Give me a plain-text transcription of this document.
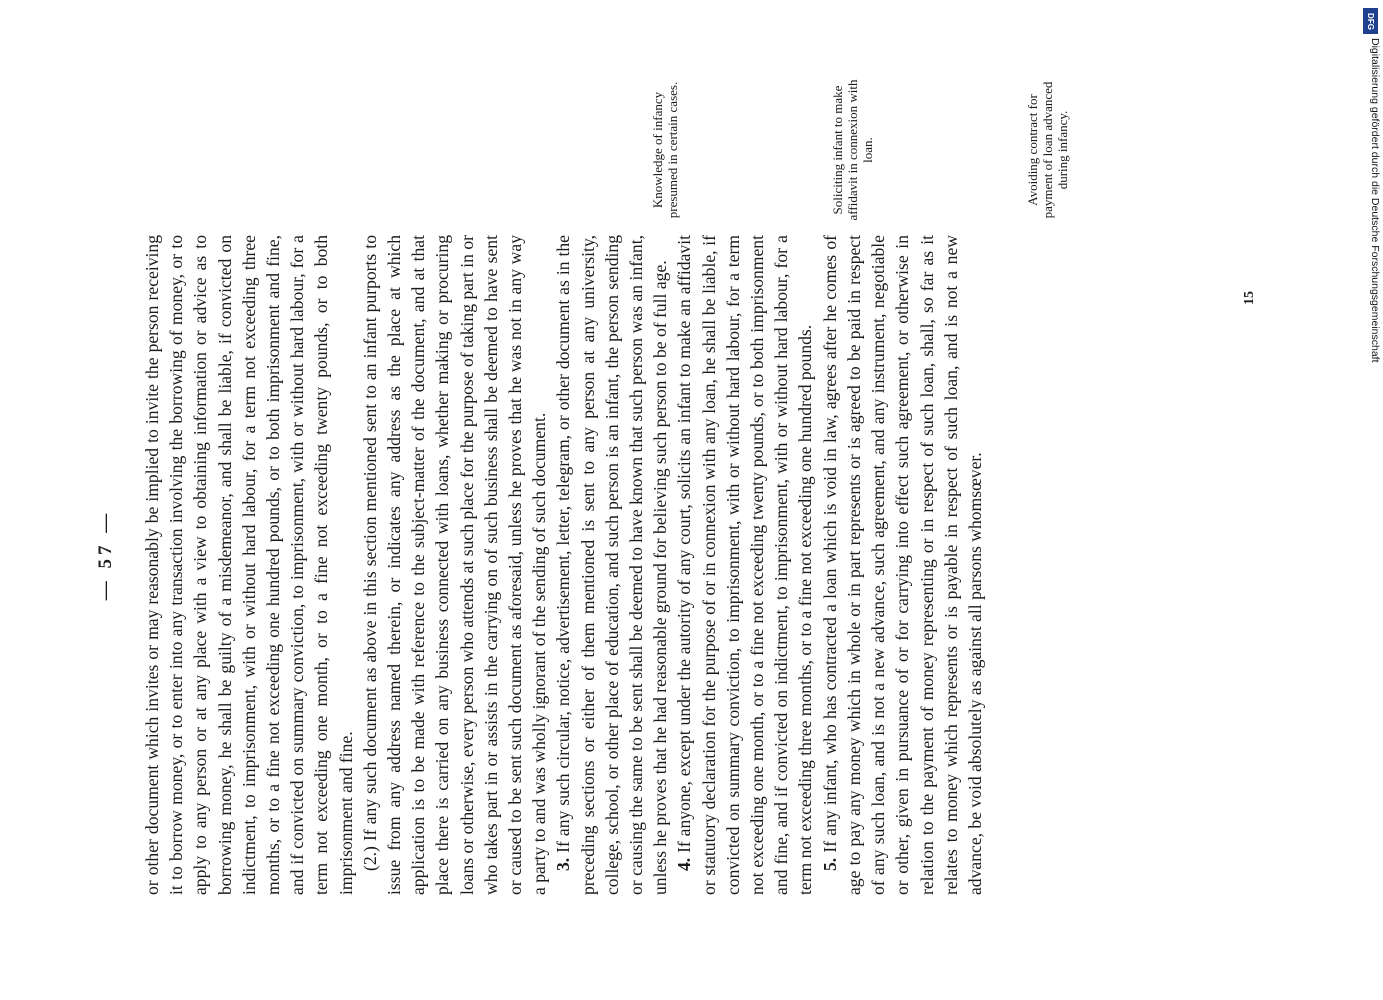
— 57 — or other document which invites or may reasonably be implied to invite the person receiving it to borrow money, or to enter into any transaction involving the borrowing of money, or to apply to any person or at any place with a view to obtaining information or advice as to borrowing money, he shall be guilty of a misdemeanor, and shall be liable, if convicted on indictment, to imprisonment, with or without hard labour, for a term not exceeding three months, or to a fine not exceeding one hundred pounds, or to both imprisonment and fine, and if convicted on summary conviction, to imprisonment, with or without hard labour, for a term not exceeding one month, or to a fine not exceeding twenty pounds, or to both imprisonment and fine. (2.) If any such document as above in this section mentioned sent to an infant purports to issue from any address named therein, or indicates any address as the place at which application is to be made with reference to the subject-matter of the document, and at that place there is carried on any business connected with loans, whether making or procuring loans or otherwise, every person who attends at such place for the purpose of taking part in or who takes part in or assists in the carrying on of such business shall be deemed to have sent or caused to be sent such document as aforesaid, unless he proves that he was not in any way a party to and was wholly ignorant of the sending of such document. 3. If any such circular, notice, advertisement, letter, telegram, or other document as in the preceding sections or either of them mentioned is sent to any person at any university, college, school, or other place of education, and such person is an infant, the person sending or causing the same to be sent shall be deemed to have known that such person was an infant, unless he proves that he had reasonable ground for believing such person to be of full age. 4. If anyone, except under the autority of any court, solicits an infant to make an affidavit or statutory declaration for the purpose of or in connexion with any loan, he shall be liable, if convicted on summary conviction, to imprisonment, with or without hard labour, for a term not exceeding one month, or to a fine not exceeding twenty pounds, or to both imprisonment and fine, and if convicted on indictment, to imprisonment, with or without hard labour, for a term not exceeding three months, or to a fine not exceeding one hundred pounds. 5. If any infant, who has contracted a loan which is void in law, agrees after he comes of age to pay any money which in whole or in part represents or is agreed to be paid in respect of any such loan, and is not a new advance, such agreement, and any instrument, negotiable or other, given in pursuance of or for carrying into effect such agreement, or otherwise in relation to the payment of money representing or in respect of such loan, shall, so far as it relates to money which represents or is payable in respect of such loan, and is not a new advance, be void absolutely as against all parsons whomsœver.

Knowledge of infancy presumed in certain cases.	Soliciting infant to make affidavit in connexion with loan.	Avoiding contract for payment of loan advanced during infancy.
15
DFG
Digitalisierung gefördert durch die Deutsche Forschungsgemeinschaft
